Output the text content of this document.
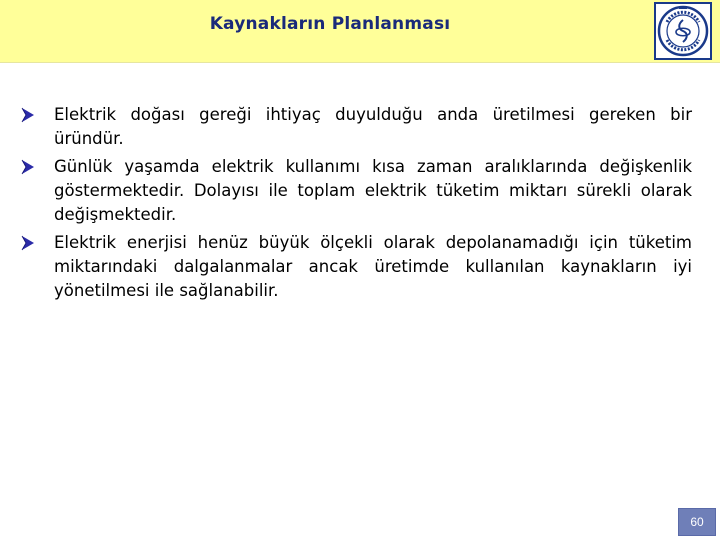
Kaynakların Planlanması
Elektrik doğası gereği ihtiyaç duyulduğu anda üretilmesi gereken bir üründür.
Günlük yaşamda elektrik kullanımı kısa zaman aralıklarında değişkenlik göstermektedir. Dolayısı ile toplam elektrik tüketim miktarı sürekli olarak değişmektedir.
Elektrik enerjisi henüz büyük ölçekli olarak depolanamadığı için tüketim miktarındaki dalgalanmalar ancak üretimde kullanılan kaynakların iyi yönetilmesi ile sağlanabilir.
60
